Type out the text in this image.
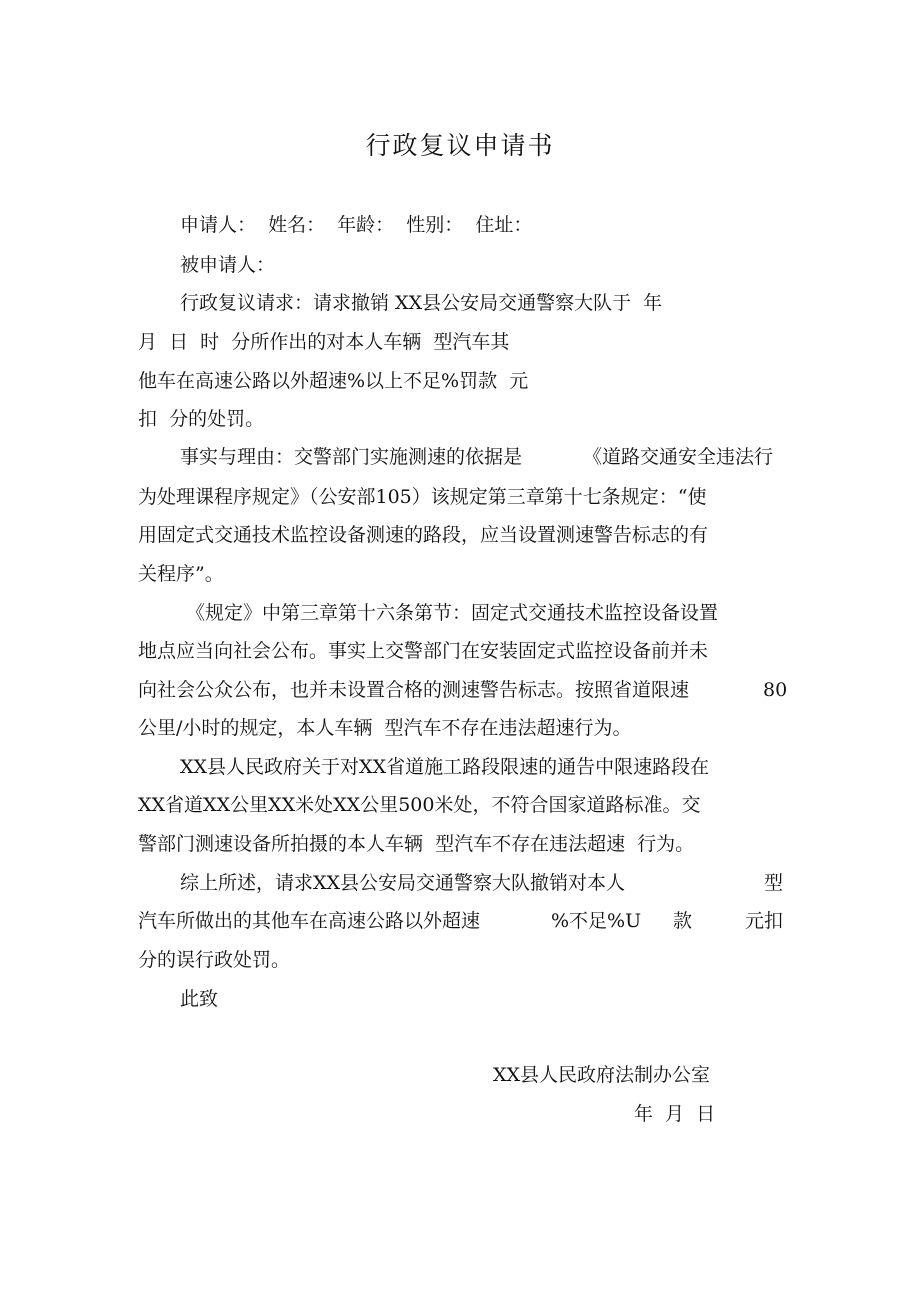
行政复议申请书
申请人：  姓名：  年龄：  性别：  住址：
被申请人：
行政复议请求：请求撤销 XX县公安局交通警察大队于  年
月  日  时  分所作出的对本人车辆  型汽车其
他车在高速公路以外超速%以上不足%罚款  元
扣  分的处罚。
事实与理由：交警部门实施测速的依据是	《道路交通安全违法行
为处理课程序规定》（公安部105）该规定第三章第十七条规定：“使
用固定式交通技术监控设备测速的路段，应当设置测速警告标志的有
关程序”。
《规定》中第三章第十六条第节：固定式交通技术监控设备设置
地点应当向社会公布。事实上交警部门在安装固定式监控设备前并未
向社会公众公布，也并未设置合格的测速警告标志。按照省道限速	80
公里/小时的规定，本人车辆  型汽车不存在违法超速行为。
XX县人民政府关于对XX省道施工路段限速的通告中限速路段在
XX省道XX公里XX米处XX公里500米处，不符合国家道路标准。交
警部门测速设备所拍摄的本人车辆  型汽车不存在违法超速  行为。
综上所述，请求XX县公安局交通警察大队撤销对本人	型
汽车所做出的其他车在高速公路以外超速	%不足%U 款	元扣
分的误行政处罚。
此致
XX县人民政府法制办公室
年  月  日
